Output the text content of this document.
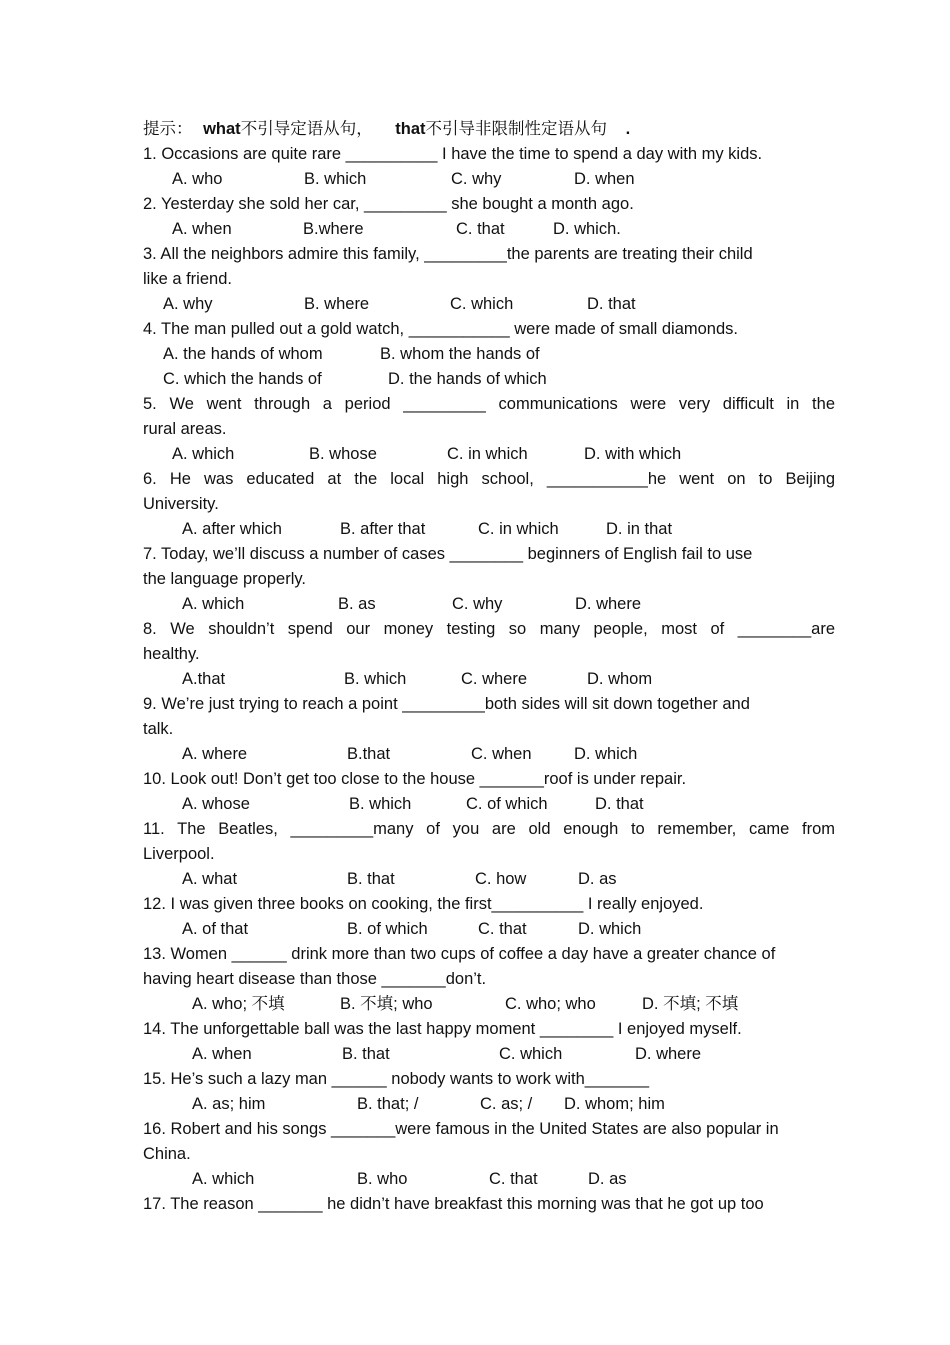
提示： what不引导定语从句， that不引导非限制性定语从句 .
1. Occasions are quite rare __________ I have the time to spend a day with my kids.
A. who	B. which	C. why	D. when
2. Yesterday she sold her car, _________ she bought a month ago.
A. when	B.where	C. that	D. which.
3. All the neighbors admire this family, _________the parents are treating their child
like a friend.
A. why	B. where	C. which	D. that
4. The man pulled out a gold watch, ___________ were made of small diamonds.
A. the hands of whom	B. whom the hands of
C. which the hands of	D. the hands of which
5. We went through a period _________ communications were very difficult in the
rural areas.
A. which	B. whose	C. in which	D. with which
6. He was educated at the local high school, ___________he went on to Beijing
University.
A. after which	B. after that	C. in which	D. in that
7. Today, we’ll discuss a number of cases ________ beginners of English fail to use
the language properly.
A. which	B. as	C. why	D. where
8. We shouldn’t spend our money testing so many people, most of ________are
healthy.
A.that	B. which	C. where	D. whom
9. We’re just trying to reach a point _________both sides will sit down together and
talk.
A. where	B.that	C. when	D. which
10. Look out! Don’t get too close to the house _______roof is under repair.
A. whose	B. which	C. of which	D. that
11. The Beatles, _________many of you are old enough to remember, came from
Liverpool.
A. what	B. that	C. how	D. as
12. I was given three books on cooking, the first__________ I really enjoyed.
A. of that	B. of which	C. that	D. which
13. Women ______ drink more than two cups of coffee a day have a greater chance of
having heart disease than those _______don’t.
A. who; 不填	B. 不填; who	C. who; who	D. 不填; 不填
14. The unforgettable ball was the last happy moment ________ I enjoyed myself.
A. when	B. that	C. which	D. where
15. He’s such a lazy man ______ nobody wants to work with_______
A. as; him	B. that; /	C. as; / D. whom; him
16. Robert and his songs _______were famous in the United States are also popular in
China.
A. which	B. who	C. that	D. as
17. The reason _______ he didn’t have breakfast this morning was that he got up too
